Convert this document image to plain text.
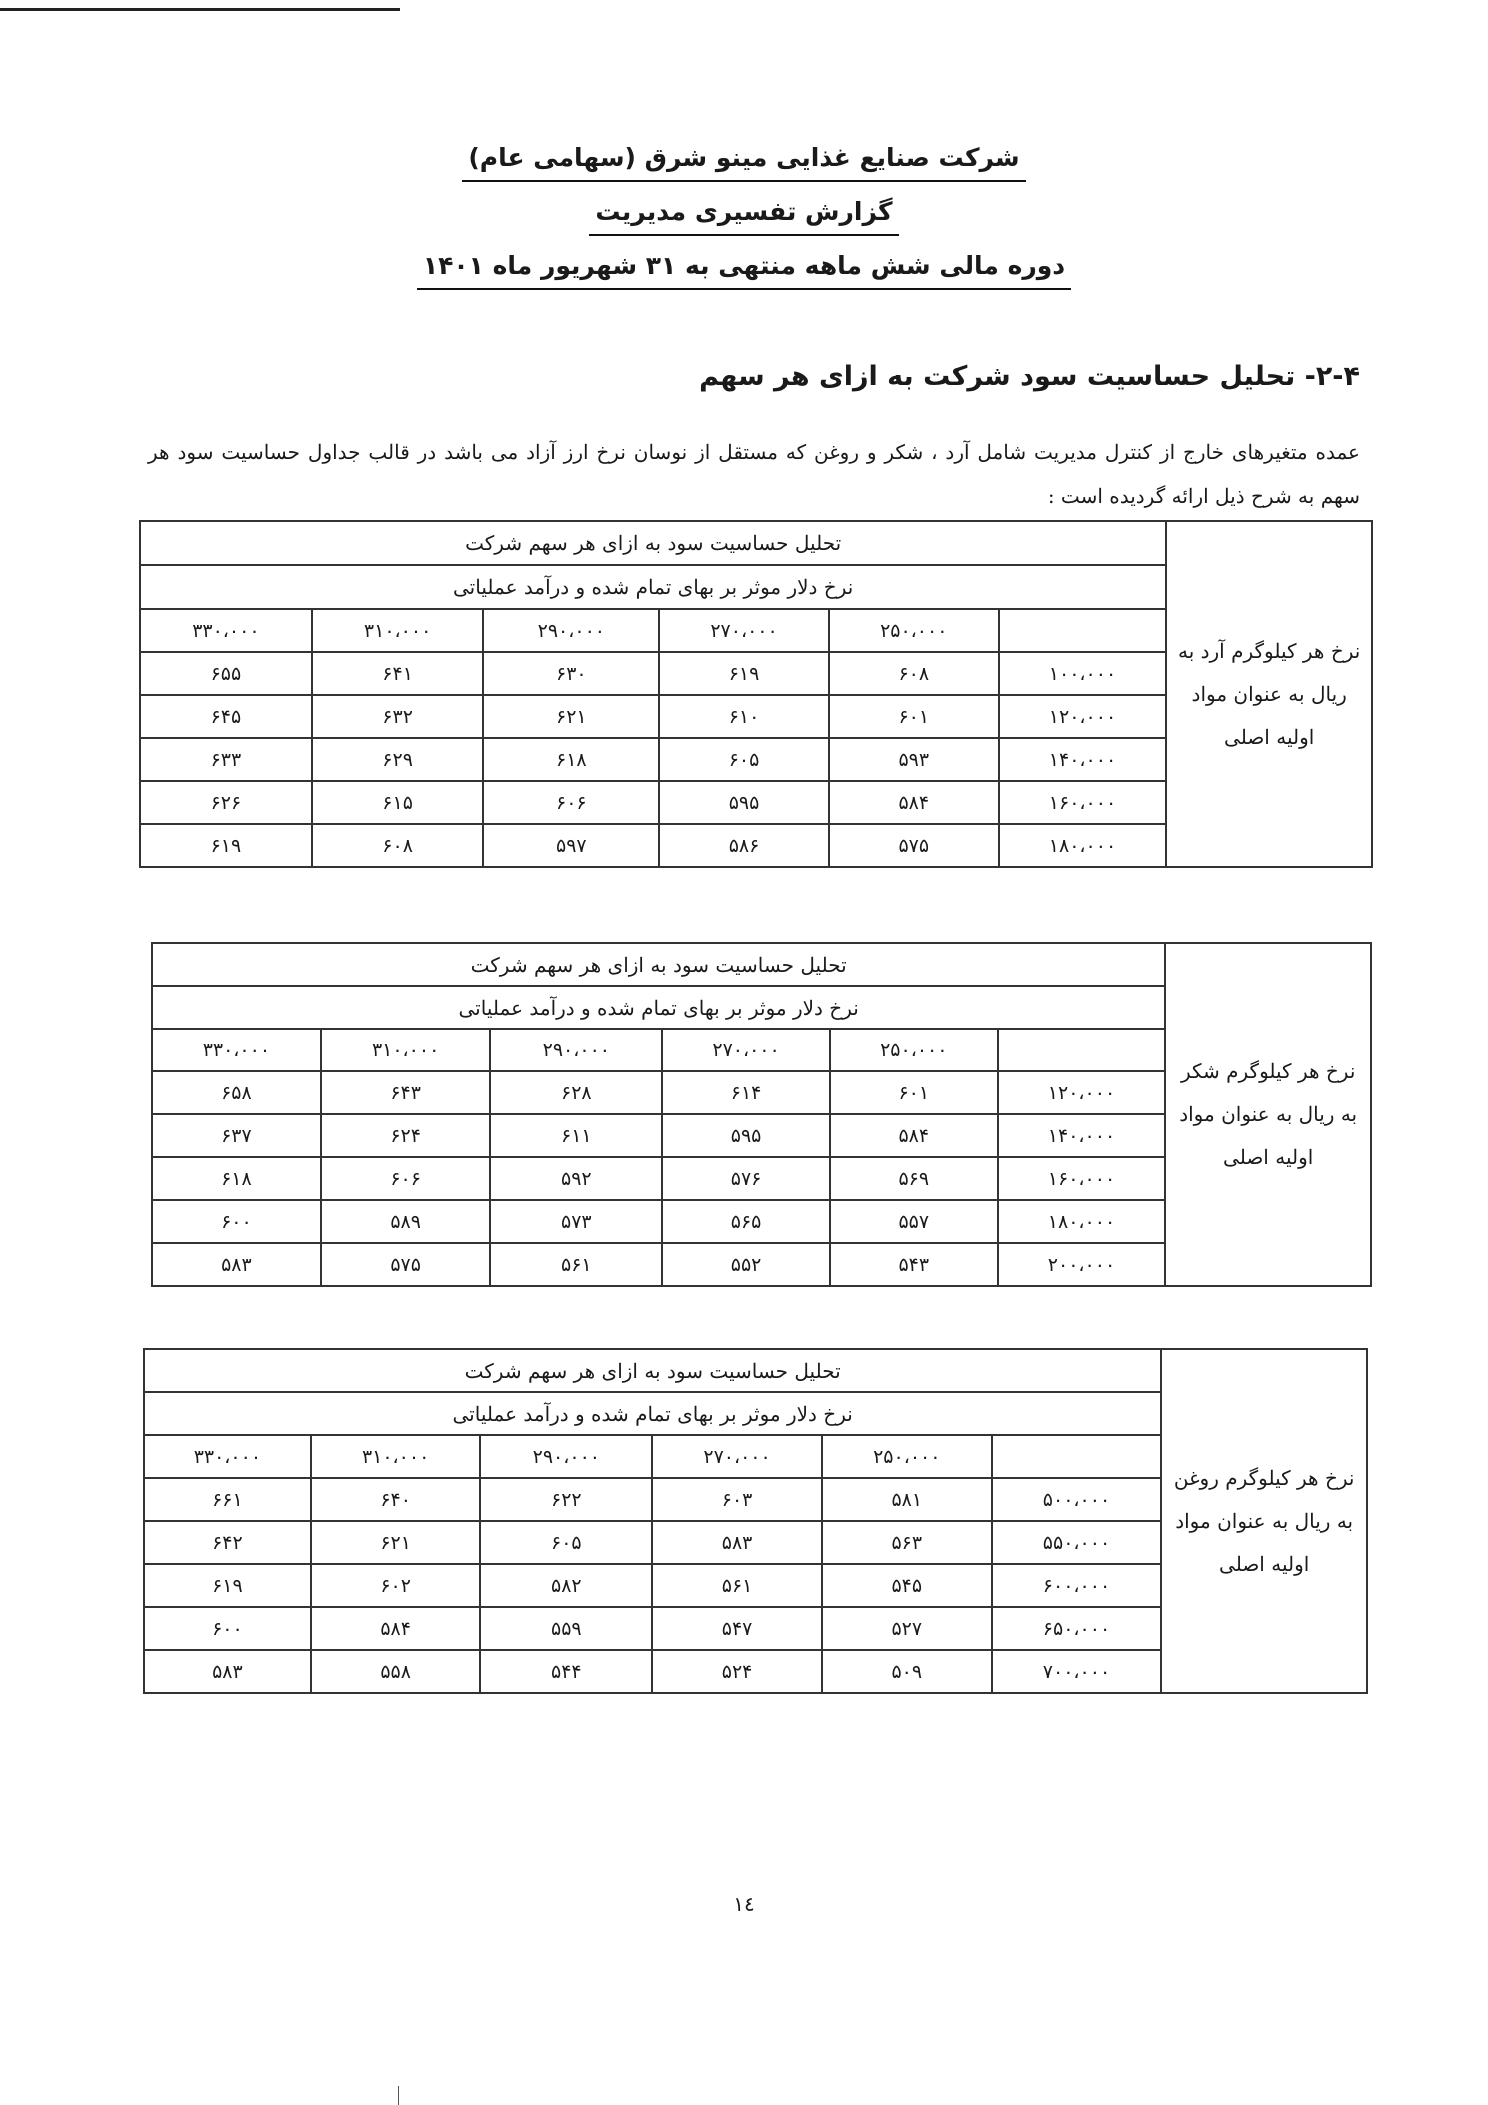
شرکت صنایع غذایی مینو شرق (سهامی عام)
گزارش تفسیری مدیریت
دوره مالی شش ماهه منتهی به ۳۱ شهریور ماه ۱۴۰۱
۲-۴- تحلیل حساسیت سود شرکت به ازای هر سهم
عمده متغیرهای خارج از کنترل مدیریت شامل آرد ، شکر و روغن که مستقل از نوسان نرخ ارز آزاد می باشد در قالب جداول حساسیت سود هر سهم به شرح ذیل ارائه گردیده است :
نرخ هر کیلوگرم آرد به ریال به عنوان مواد اولیه اصلی	تحلیل حساسیت سود به ازای هر سهم شرکت					
	نرخ دلار موثر بر بهای تمام شده و درآمد عملیاتی					
		۲۵۰،۰۰۰	۲۷۰،۰۰۰	۲۹۰،۰۰۰	۳۱۰،۰۰۰	۳۳۰،۰۰۰
	۱۰۰،۰۰۰	۶۰۸	۶۱۹	۶۳۰	۶۴۱	۶۵۵
	۱۲۰،۰۰۰	۶۰۱	۶۱۰	۶۲۱	۶۳۲	۶۴۵
	۱۴۰،۰۰۰	۵۹۳	۶۰۵	۶۱۸	۶۲۹	۶۳۳
	۱۶۰،۰۰۰	۵۸۴	۵۹۵	۶۰۶	۶۱۵	۶۲۶
	۱۸۰،۰۰۰	۵۷۵	۵۸۶	۵۹۷	۶۰۸	۶۱۹
نرخ هر کیلوگرم شکر به ریال به عنوان مواد اولیه اصلی	تحلیل حساسیت سود به ازای هر سهم شرکت					
	نرخ دلار موثر بر بهای تمام شده و درآمد عملیاتی					
		۲۵۰،۰۰۰	۲۷۰،۰۰۰	۲۹۰،۰۰۰	۳۱۰،۰۰۰	۳۳۰،۰۰۰
	۱۲۰،۰۰۰	۶۰۱	۶۱۴	۶۲۸	۶۴۳	۶۵۸
	۱۴۰،۰۰۰	۵۸۴	۵۹۵	۶۱۱	۶۲۴	۶۳۷
	۱۶۰،۰۰۰	۵۶۹	۵۷۶	۵۹۲	۶۰۶	۶۱۸
	۱۸۰،۰۰۰	۵۵۷	۵۶۵	۵۷۳	۵۸۹	۶۰۰
	۲۰۰،۰۰۰	۵۴۳	۵۵۲	۵۶۱	۵۷۵	۵۸۳
نرخ هر کیلوگرم روغن به ریال به عنوان مواد اولیه اصلی	تحلیل حساسیت سود به ازای هر سهم شرکت					
	نرخ دلار موثر بر بهای تمام شده و درآمد عملیاتی					
		۲۵۰،۰۰۰	۲۷۰،۰۰۰	۲۹۰،۰۰۰	۳۱۰،۰۰۰	۳۳۰،۰۰۰
	۵۰۰،۰۰۰	۵۸۱	۶۰۳	۶۲۲	۶۴۰	۶۶۱
	۵۵۰،۰۰۰	۵۶۳	۵۸۳	۶۰۵	۶۲۱	۶۴۲
	۶۰۰،۰۰۰	۵۴۵	۵۶۱	۵۸۲	۶۰۲	۶۱۹
	۶۵۰،۰۰۰	۵۲۷	۵۴۷	۵۵۹	۵۸۴	۶۰۰
	۷۰۰،۰۰۰	۵۰۹	۵۲۴	۵۴۴	۵۵۸	۵۸۳
۱٤
